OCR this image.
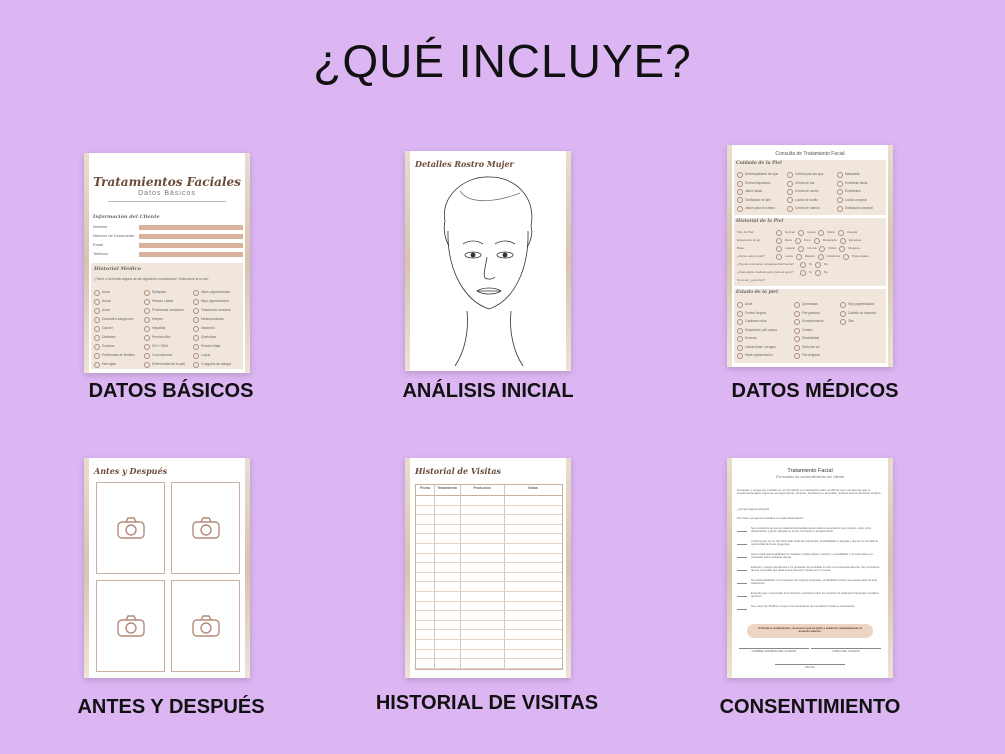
¿QUÉ INCLUYE?
Tratamientos Faciales
Datos Básicos
Información del Cliente
Nombre
Número de Documento
Email
Teléfono
Historial Médico
¿Tiene o ha tenido alguna de las siguientes condiciones? Seleccione si es así:
Acné
Asma
Acné
Desorden sanguíneo
Cáncer
Diabetes
Eczema
Problemas de tiroides
Herrugas
Epilepsia
Herpes Labial
Problemas cardíacos
Herpes
Hepatitis
Presión Alta
VIH / SIDA
Convulsiones
Enfermedad de la piel
Hiper pigmentación
Hipo pigmentación
Trastornos inmunes
Melanomatosis
Insomnio
Queloides
Presión Baja
Lupus
Coágulos de sangre
DATOS BÁSICOS
Detalles Rostro Mujer
ANÁLISIS INICIAL
Consulta de Tratamiento Facial
Cuidado de la Piel
Desmaquillante de ojos
Crema limpiadora
Jabón facial
Tonificador de piel
Jabón para el cuerpo
Crema para los ojos
Crema de día
Crema de noche
Loción de cuello
Crema de manos
Mascarilla
Exfoliante facial
Exfoliantes
Loción corporal
Exfoliación corporal
Historial de la Piel
Tipo de Piel:	Normal	Grasa	Mixta	Integral
Exposición al sol:	Rara	Poco	Moderado	Excesiva
Base:	Líquido	Crema	Polvo	Ninguna
¿Cómo esta tu piel?	Lenta	Rápido	Cicatrices	Pigmentado
¿Tiende a tomarse rocaduras fácilmente?	Sí	No
¿Usas algún medicamento para el acné?	Sí	No
Si es así, ¿qué tipo?
Estado de la piel
Acné
Puntos Negros
Capilares rotos
Sequedad / piel opaca
Eczema
Líneas finas / arrugas
Hiper pigmentación
Quemadas
Piel grasosa
Envejecimiento
Cicatriz
Sensibilidad
Daño del sol
Piel delgada
Hipo pigmentación
Cabello no deseado
Otro
DATOS MÉDICOS
Antes y Después
ANTES Y DESPUÉS
Historial de Visitas
Fecha	Tratamiento	Productos	Notas
HISTORIAL DE VISITAS
Tratamiento Facial
Formulario de consentimiento del cliente
Complete y porga sus iniciales en el formulario a continuación para confirmar que comprende que si experimenta algún signo de enrojecimiento, picazón, hinchazón o ampollas, deberá buscar atención médica.
¿Tienes alguna alergia?
Por favor ponga sus iniciales en cada declaración:
Soy consciente de que los tratamientos faciales tienen efectos secundarios que incluyen, entre otros, descamación, granos, alergias en la piel, hinchazón o enrojecimiento.
Confirmo que se me han informado todas las reacciones, sensibilidades o alergias y que se me ha dado la oportunidad de hacer preguntas.
Asumo total responsabilidad por cualquier posible peligro, reacción y sensibilidad, y he informado a mi proveedor sobre cualquier alergia.
Entiendo y acepto que llamaré a mi proveedor de inmediato si sufro una respuesta adversa. Soy consciente de que es posible que deba buscar atención médica por mi cuenta.
No responsabilizaré a mi proveedor por ninguna respuesta, sensibilidad o lesión que pueda surgir de este tratamiento.
Entiendo que mi proveedor tiene derecho a rechazar todos los servicios de tratamiento facial que considere oportuno.
Soy mayor de 18 años o tengo el consentimiento de mis padres firmado a continuación.
Al firmar a continuación, reconozco que he leído y entiendo completamente el acuerdo anterior.
NOMBRE IMPRESO DEL CLIENTE	FIRMA DEL CLIENTE
FECHA
CONSENTIMIENTO
